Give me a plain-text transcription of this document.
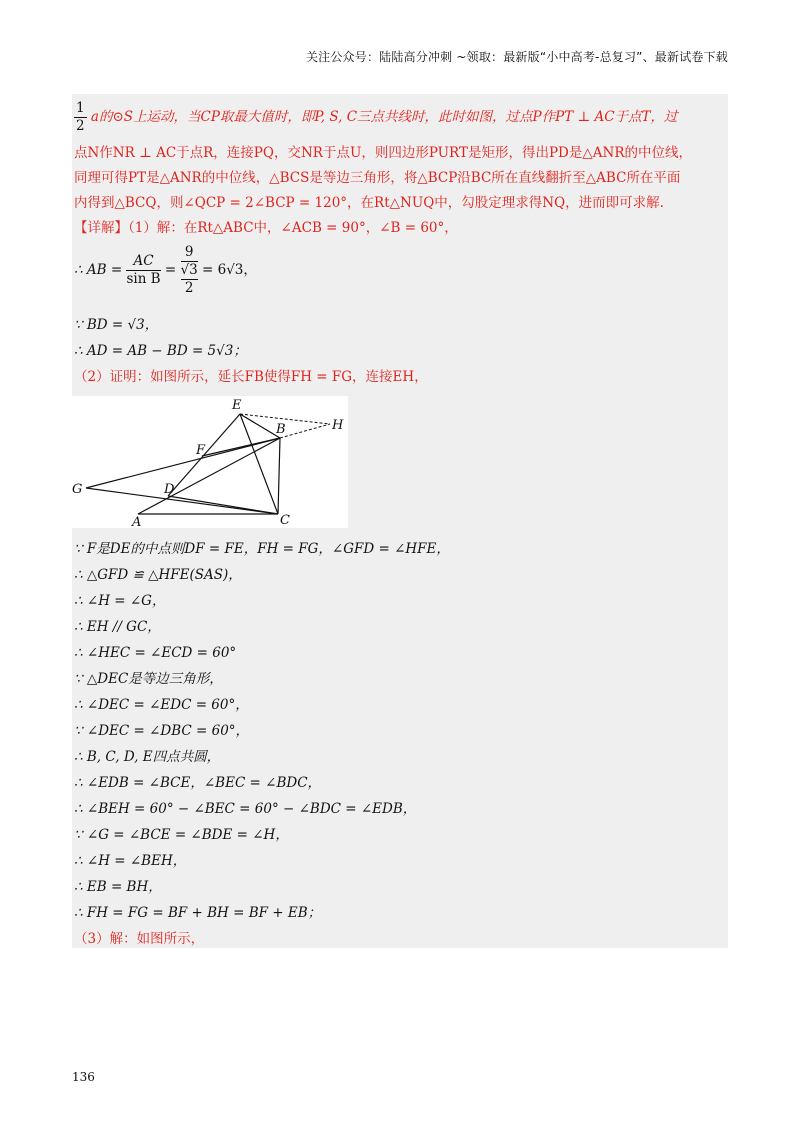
关注公众号：陆陆高分冲刺 ~领取：最新版“小中高考-总复习”、最新试卷下载
$\frac{1}{2}$ a的⊙S上运动，当CP取最大值时，即P, S, C三点共线时，此时如图，过点P作PT ⊥ AC于点T，过
点N作NR ⊥ AC于点R，连接PQ，交NR于点U，则四边形PURT是矩形，得出PD是△ANR的中位线，
同理可得PT是△ANR的中位线，△BCS是等边三角形，将△BCP沿BC所在直线翻折至△ABC所在平面
内得到△BCQ，则∠QCP = 2∠BCP = 120°，在Rt△NUQ中，勾股定理求得NQ，进而即可求解.
【详解】（1）解：在Rt△ABC中，∠ACB = 90°，∠B = 60°，
∴ AB = $\frac{AC}{\text{sin B}}$ =
9
√3
2
= 6√3，
∵ BD = √3，
∴ AD = AB − BD = 5√3；
（2）证明：如图所示，延长FB使得FH = FG，连接EH，
E
B	H
F
G	D
A	C
∵ F是DE的中点则DF = FE，FH = FG，∠GFD = ∠HFE，
∴ △GFD ≌ △HFE(SAS)，
∴ ∠H = ∠G，
∴ EH // GC，
∴ ∠HEC = ∠ECD = 60°
∵ △DEC是等边三角形，
∴ ∠DEC = ∠EDC = 60°，
∵ ∠DEC = ∠DBC = 60°，
∴ B, C, D, E四点共圆，
∴ ∠EDB = ∠BCE，∠BEC = ∠BDC，
∴ ∠BEH = 60° − ∠BEC = 60° − ∠BDC = ∠EDB，
∵ ∠G = ∠BCE = ∠BDE = ∠H，
∴ ∠H = ∠BEH，
∴ EB = BH，
∴ FH = FG = BF + BH = BF + EB；
（3）解：如图所示，
136
